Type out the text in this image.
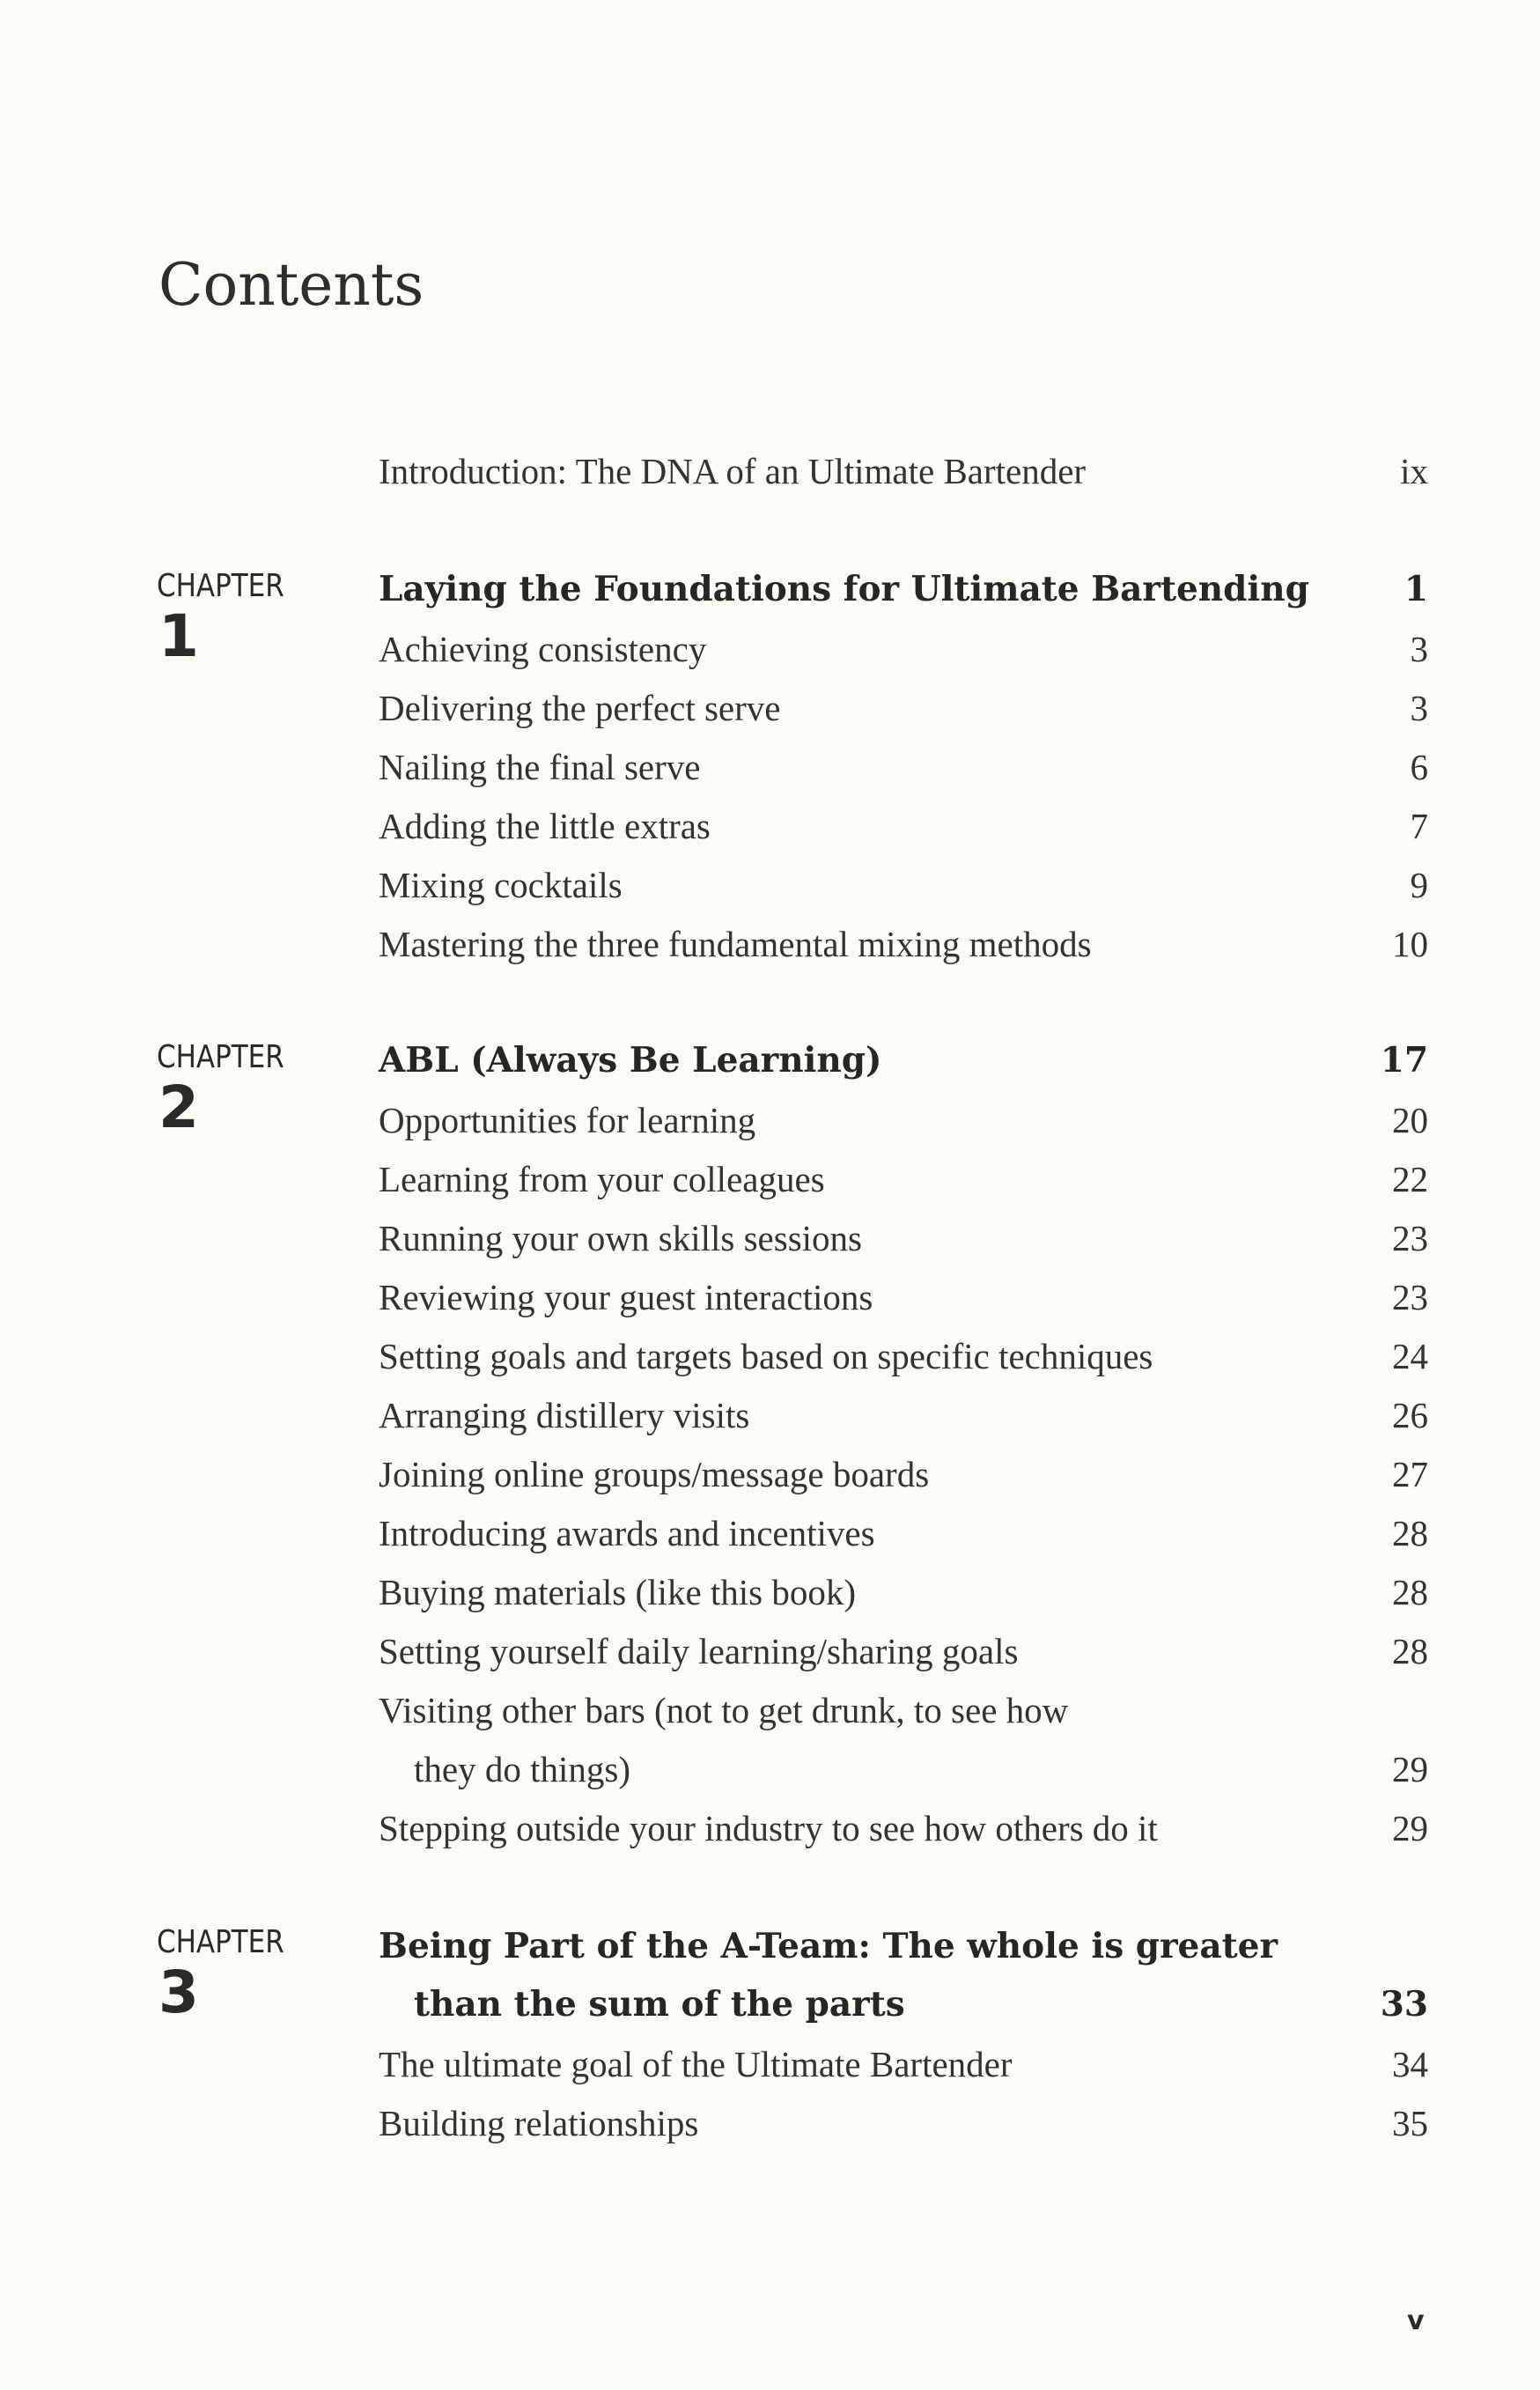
Contents
Introduction: The DNA of an Ultimate Bartender	ix
CHAPTER
1
Laying the Foundations for Ultimate Bartending	1
Achieving consistency	3
Delivering the perfect serve	3
Nailing the final serve	6
Adding the little extras	7
Mixing cocktails	9
Mastering the three fundamental mixing methods	10
CHAPTER
2
ABL (Always Be Learning)	17
Opportunities for learning	20
Learning from your colleagues	22
Running your own skills sessions	23
Reviewing your guest interactions	23
Setting goals and targets based on specific techniques	24
Arranging distillery visits	26
Joining online groups/message boards	27
Introducing awards and incentives	28
Buying materials (like this book)	28
Setting yourself daily learning/sharing goals	28
Visiting other bars (not to get drunk, to see how
they do things)	29
Stepping outside your industry to see how others do it	29
CHAPTER
3
Being Part of the A-Team: The whole is greater
than the sum of the parts	33
The ultimate goal of the Ultimate Bartender	34
Building relationships	35
v
